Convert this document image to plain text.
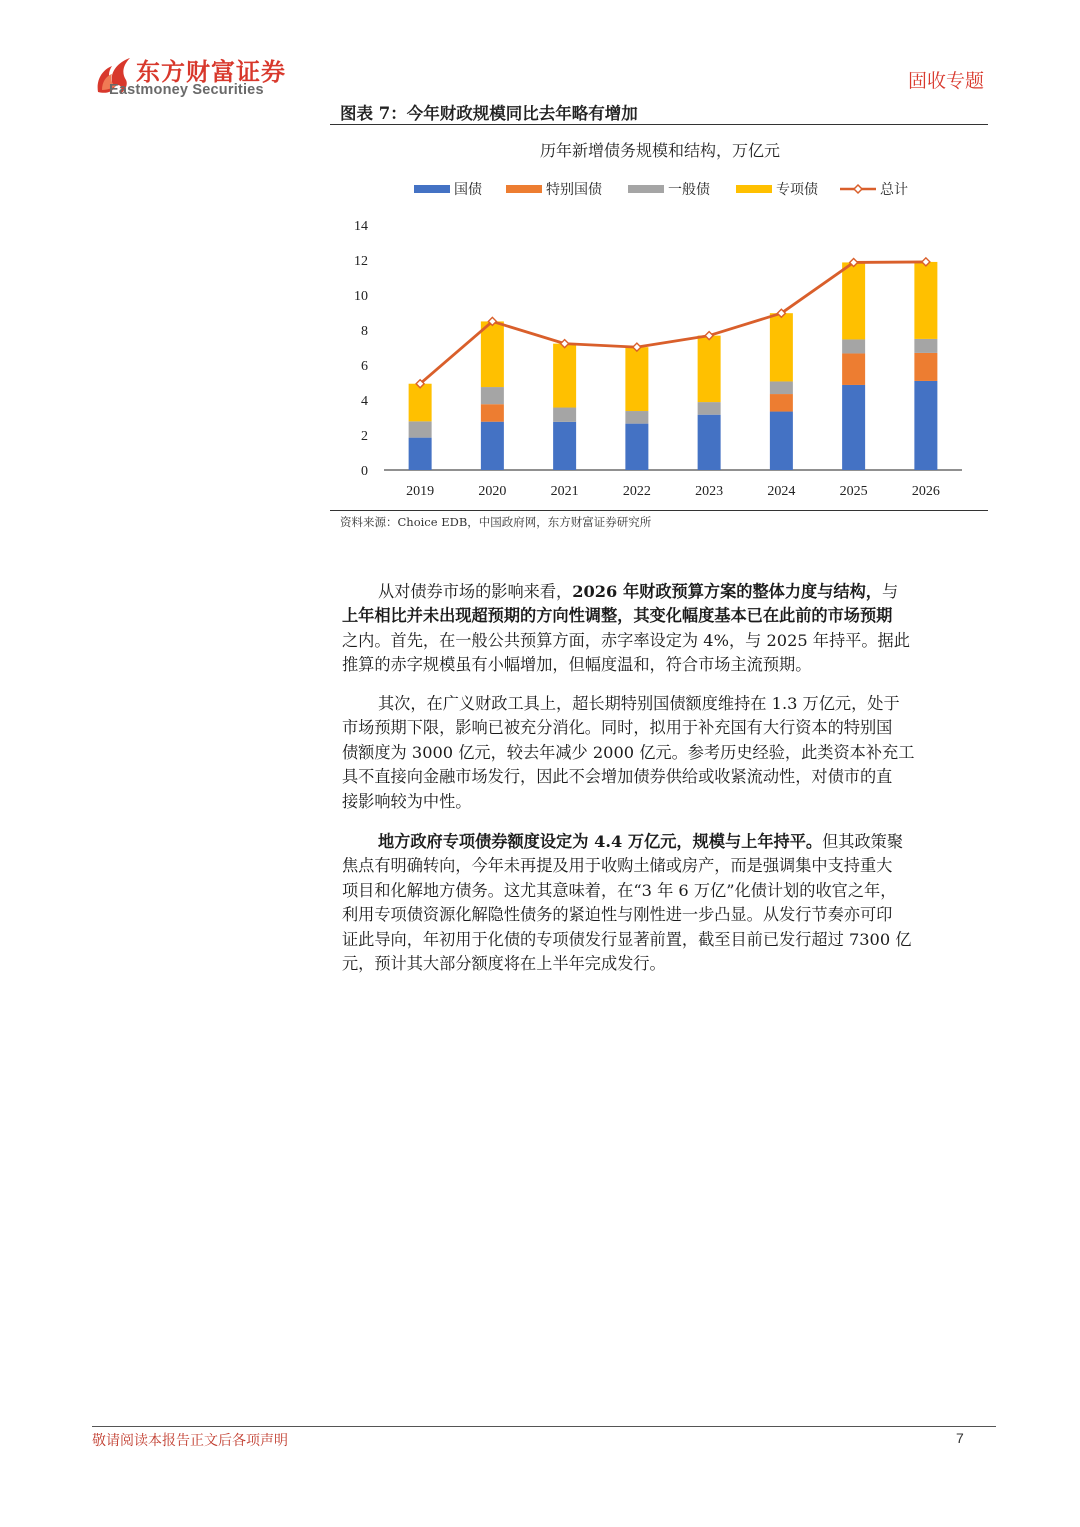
东方财富证券
Eastmoney Securities	固收专题
图表 7：今年财政规模同比去年略有增加
历年新增债务规模和结构，万亿元
国债	特别国债	一般债	专项债	总计
0
2
4
6
8
10
12
14
2019	2020	2021	2022	2023	2024	2025	2026
资料来源：Choice EDB，中国政府网，东方财富证券研究所
从对债券市场的影响来看，2026 年财政预算方案的整体力度与结构，与
上年相比并未出现超预期的方向性调整，其变化幅度基本已在此前的市场预期
之内。首先，在一般公共预算方面，赤字率设定为 4%，与 2025 年持平。据此
推算的赤字规模虽有小幅增加，但幅度温和，符合市场主流预期。
其次，在广义财政工具上，超长期特别国债额度维持在 1.3 万亿元，处于
市场预期下限，影响已被充分消化。同时，拟用于补充国有大行资本的特别国
债额度为 3000 亿元，较去年减少 2000 亿元。参考历史经验，此类资本补充工
具不直接向金融市场发行，因此不会增加债券供给或收紧流动性，对债市的直
接影响较为中性。
地方政府专项债券额度设定为 4.4 万亿元，规模与上年持平。但其政策聚
焦点有明确转向，今年未再提及用于收购土储或房产，而是强调集中支持重大
项目和化解地方债务。这尤其意味着，在“3 年 6 万亿”化债计划的收官之年，
利用专项债资源化解隐性债务的紧迫性与刚性进一步凸显。从发行节奏亦可印
证此导向，年初用于化债的专项债发行显著前置，截至目前已发行超过 7300 亿
元，预计其大部分额度将在上半年完成发行。
敬请阅读本报告正文后各项声明	7
